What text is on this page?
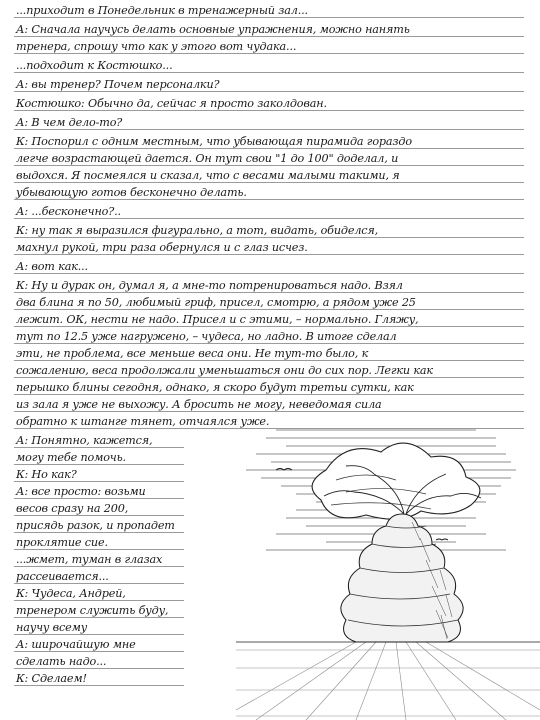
...приходит в Понедельник в тренажерный зал...
А: Сначала научусь делать основные упражнения, можно нанять
тренера, спрошу что как у этого вот чудака...
...подходит к Костюшко...
А: вы тренер? Почем персоналки?
Костюшко: Обычно да, сейчас я просто заколдован.
А: В чем дело-то?
К: Поспорил с одним местным, что убывающая пирамида гораздо
легче возрастающей дается. Он тут свои "1 до 100" доделал, и
выдохся. Я посмеялся и сказал, что с весами малыми такими, я
убывающую готов бесконечно делать.
А: ...бесконечно?..
К: ну так я выразился фигурально, а тот, видать, обиделся,
махнул рукой, три раза обернулся и с глаз исчез.
А: вот как...
К: Ну и дурак он, думал я, а мне-то потренироваться надо. Взял
два блина я по 50, любимый гриф, присел, смотрю, а рядом уже 25
лежит. ОК, нести не надо. Присел и с этими, – нормально. Гляжу,
тут по 12.5 уже нагружено, – чудеса, но ладно. В итоге сделал
эти, не проблема, все меньше веса они. Не тут-то было, к
сожалению, веса продолжали уменьшаться они до сих пор. Легки как
перышко блины сегодня, однако, я скоро будут третьи сутки, как
из зала я уже не выхожу. А бросить не могу, неведомая сила
обратно к штанге тянет, отчаялся уже.
А: Понятно, кажется,
могу тебе помочь.
К: Но как?
А: все просто: возьми
весов сразу на 200,
присядь разок, и пропадет
проклятие сие.
...жмет, туман в глазах
рассеивается...
К: Чудеса, Андрей,
тренером служить буду,
научу всему
А: широчайшую мне
сделать надо...
К: Сделаем!
